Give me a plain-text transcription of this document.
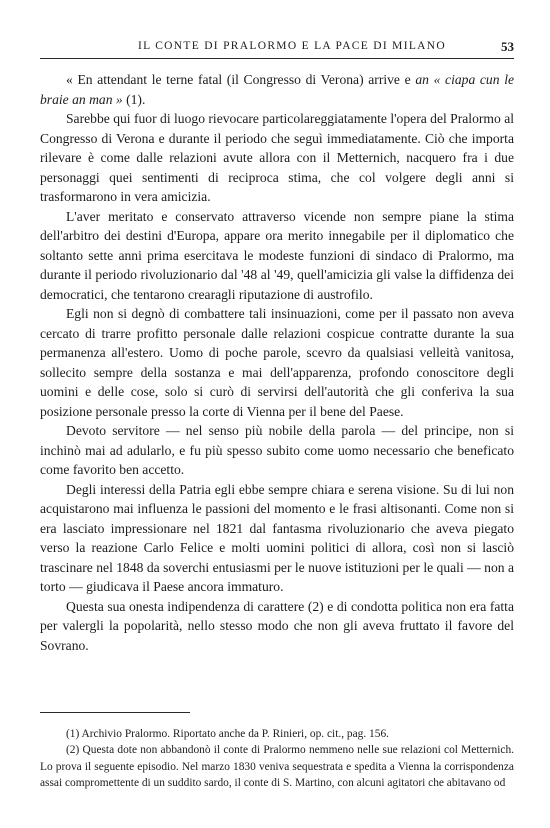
IL CONTE DI PRALORMO E LA PACE DI MILANO	53

« En attendant le terne fatal (il Congresso di Verona) arrive e an « ciapa cun le braie an man » (1).

Sarebbe qui fuor di luogo rievocare particolareggiatamente l'opera del Pralormo al Congresso di Verona e durante il periodo che seguì immediatamente. Ciò che importa rilevare è come dalle relazioni avute allora con il Metternich, nacquero fra i due personaggi quei sentimenti di reciproca stima, che col volgere degli anni si trasformarono in vera amicizia.

L'aver meritato e conservato attraverso vicende non sempre piane la stima dell'arbitro dei destini d'Europa, appare ora merito innegabile per il diplomatico che soltanto sette anni prima esercitava le modeste funzioni di sindaco di Pralormo, ma durante il periodo rivoluzionario dal '48 al '49, quell'amicizia gli valse la diffidenza dei democratici, che tentarono crearagli riputazione di austrofilo.

Egli non si degnò di combattere tali insinuazioni, come per il passato non aveva cercato di trarre profitto personale dalle relazioni cospicue contratte durante la sua permanenza all'estero. Uomo di poche parole, scevro da qualsiasi velleità vanitosa, sollecito sempre della sostanza e mai dell'apparenza, profondo conoscitore degli uomini e delle cose, solo si curò di servirsi dell'autorità che gli conferiva la sua posizione personale presso la corte di Vienna per il bene del Paese.

Devoto servitore — nel senso più nobile della parola — del principe, non si inchinò mai ad adularlo, e fu più spesso subito come uomo necessario che beneficato come favorito ben accetto.

Degli interessi della Patria egli ebbe sempre chiara e serena visione. Su di lui non acquistarono mai influenza le passioni del momento e le frasi altisonanti. Come non si era lasciato impressionare nel 1821 dal fantasma rivoluzionario che aveva piegato verso la reazione Carlo Felice e molti uomini politici di allora, così non si lasciò trascinare nel 1848 da soverchi entusiasmi per le nuove istituzioni per le quali — non a torto — giudicava il Paese ancora immaturo.

Questa sua onesta indipendenza di carattere (2) e di condotta politica non era fatta per valergli la popolarità, nello stesso modo che non gli aveva fruttato il favore del Sovrano.

(1) Archivio Pralormo. Riportato anche da P. Rinieri, op. cit., pag. 156.

(2) Questa dote non abbandonò il conte di Pralormo nemmeno nelle sue relazioni col Metternich. Lo prova il seguente episodio. Nel marzo 1830 veniva sequestrata e spedita a Vienna la corrispondenza assai compromettente di un suddito sardo, il conte di S. Martino, con alcuni agitatori che abitavano od
